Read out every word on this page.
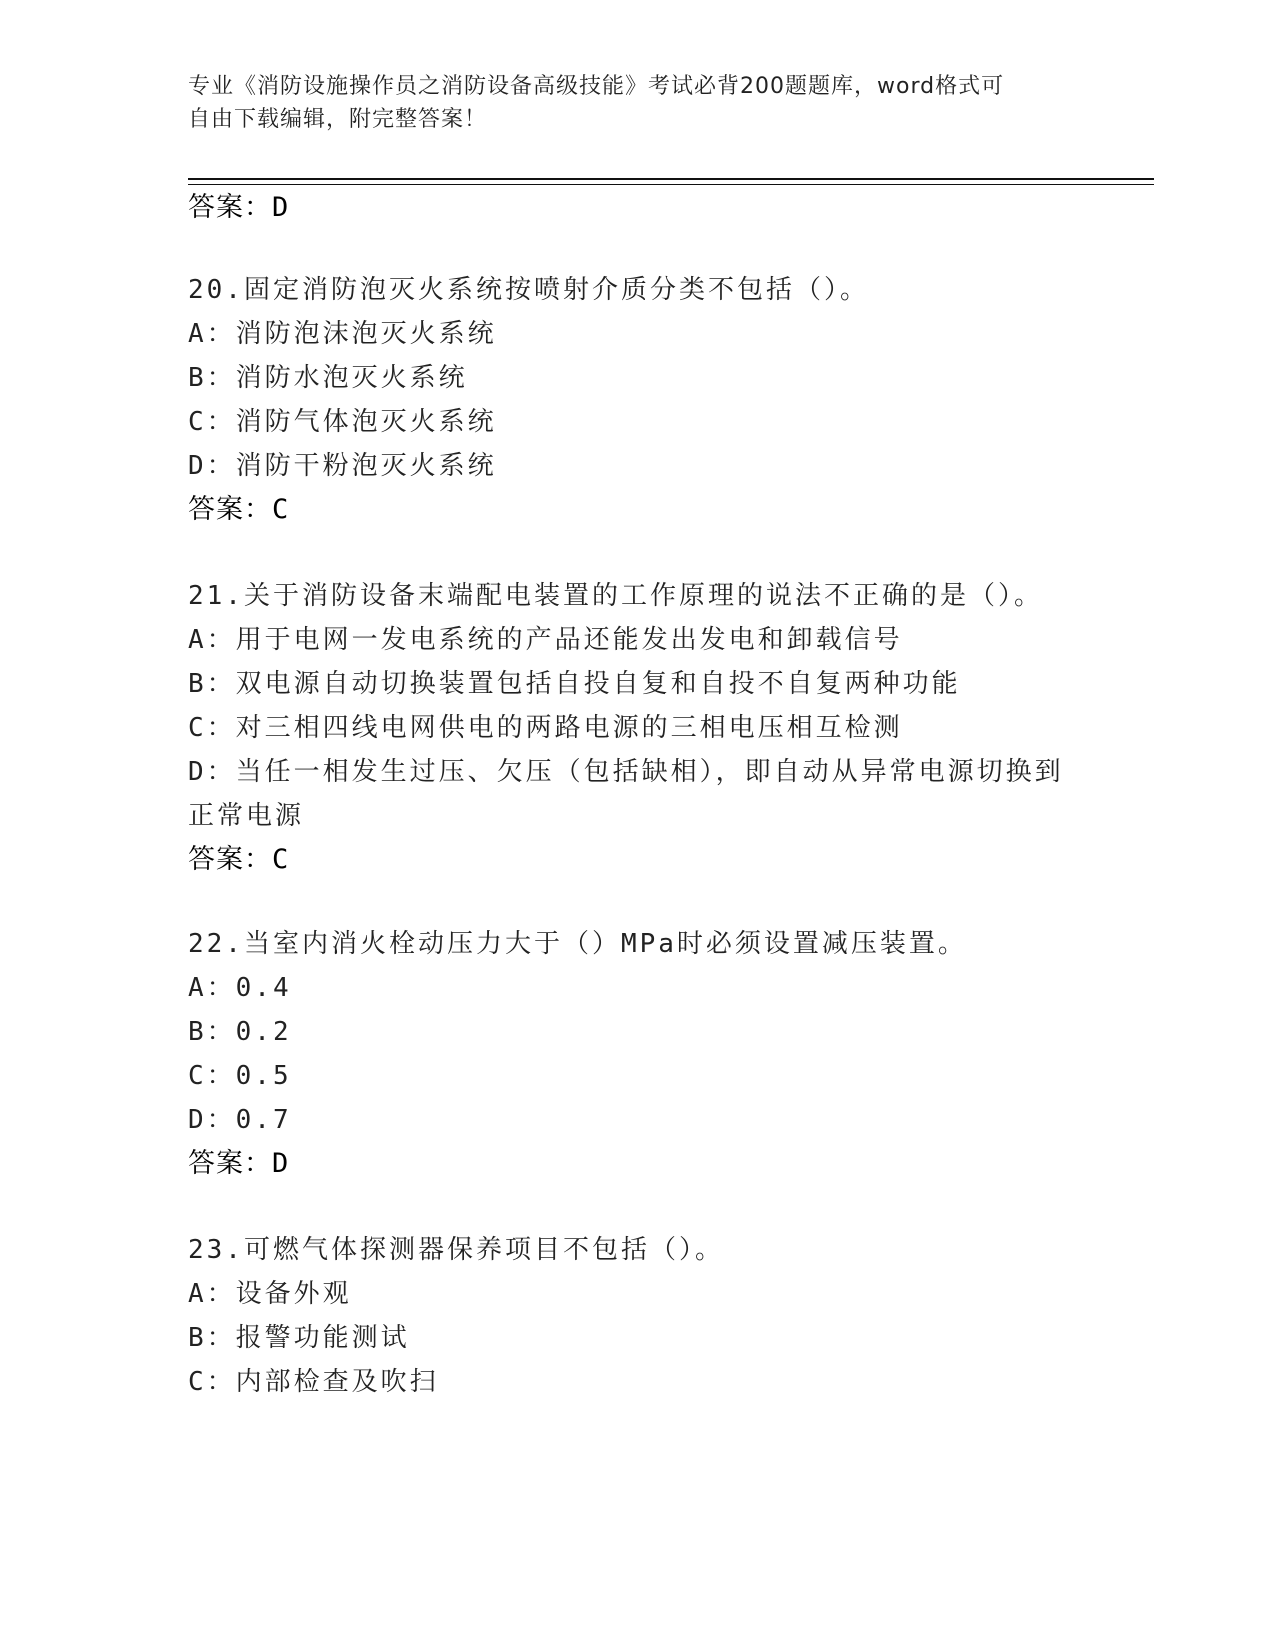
专业《消防设施操作员之消防设备高级技能》考试必背200题题库，word格式可
自由下载编辑，附完整答案！
答案：D
20.固定消防泡灭火系统按喷射介质分类不包括（）。
A：消防泡沫泡灭火系统
B：消防水泡灭火系统
C：消防气体泡灭火系统
D：消防干粉泡灭火系统
答案：C
21.关于消防设备末端配电装置的工作原理的说法不正确的是（）。
A：用于电网一发电系统的产品还能发出发电和卸载信号
B：双电源自动切换装置包括自投自复和自投不自复两种功能
C：对三相四线电网供电的两路电源的三相电压相互检测
D：当任一相发生过压、欠压（包括缺相），即自动从异常电源切换到
正常电源
答案：C
22.当室内消火栓动压力大于（）MPa时必须设置减压装置。
A：0.4
B：0.2
C：0.5
D：0.7
答案：D
23.可燃气体探测器保养项目不包括（）。
A：设备外观
B：报警功能测试
C：内部检查及吹扫
